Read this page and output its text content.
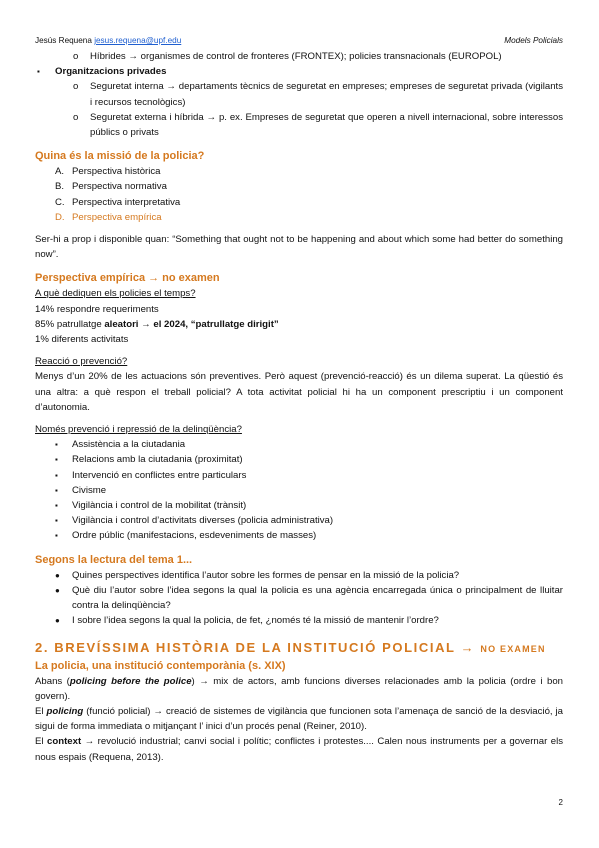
Jesús Requena jesus.requena@upf.edu	Models Policials
o Híbrides → organismes de control de fronteres (FRONTEX); policies transnacionals (EUROPOL)
▪ Organitzacions privades
o Seguretat interna → departaments tècnics de seguretat en empreses; empreses de seguretat privada (vigilants i recursos tecnològics)
o Seguretat externa i híbrida → p. ex. Empreses de seguretat que operen a nivell internacional, sobre interessos públics o privats
Quina és la missió de la policia?
A. Perspectiva històrica
B. Perspectiva normativa
C. Perspectiva interpretativa
D. Perspectiva empírica
Ser-hi a prop i disponible quan: “Something that ought not to be happening and about which some had better do something now”.
Perspectiva empírica → no examen
A què dediquen els policies el temps?
14% respondre requeriments
85% patrullatge aleatori → el 2024, “patrullatge dirigit”
1% diferents activitats
Reacció o prevenció?
Menys d’un 20% de les actuacions són preventives. Però aquest (prevenció-reacció) és un dilema superat. La qüestió és una altra: a què respon el treball policial? A tota activitat policial hi ha un component prescriptiu i un component d’autonomia.
Només prevenció i repressió de la delinqüència?
▪ Assistència a la ciutadania
▪ Relacions amb la ciutadania (proximitat)
▪ Intervenció en conflictes entre particulars
▪ Civisme
▪ Vigilància i control de la mobilitat (trànsit)
▪ Vigilància i control d’activitats diverses (policia administrativa)
▪ Ordre públic (manifestacions, esdeveniments de masses)
Segons la lectura del tema 1...
● Quines perspectives identifica l’autor sobre les formes de pensar en la missió de la policia?
● Què diu l’autor sobre l’idea segons la qual la policia es una agència encarregada única o principalment de lluitar contra la delinqüència?
● I sobre l’idea segons la qual la policia, de fet, ¿només té la missió de mantenir l’ordre?
2. BREVÍSSIMA HISTÒRIA DE LA INSTITUCIÓ POLICIAL → NO EXAMEN
La policia, una institució contemporània (s. XIX)
Abans (policing before the police) → mix de actors, amb funcions diverses relacionades amb la policia (ordre i bon govern).
El policing (funció policial) → creació de sistemes de vigilància que funcionen sota l’amenaça de sanció de la desviació, ja sigui de forma immediata o mitjançant l’ inici d’un procés penal (Reiner, 2010).
El context → revolució industrial; canvi social i polític; conflictes i protestes.... Calen nous instruments per a governar els nous espais (Requena, 2013).
2
